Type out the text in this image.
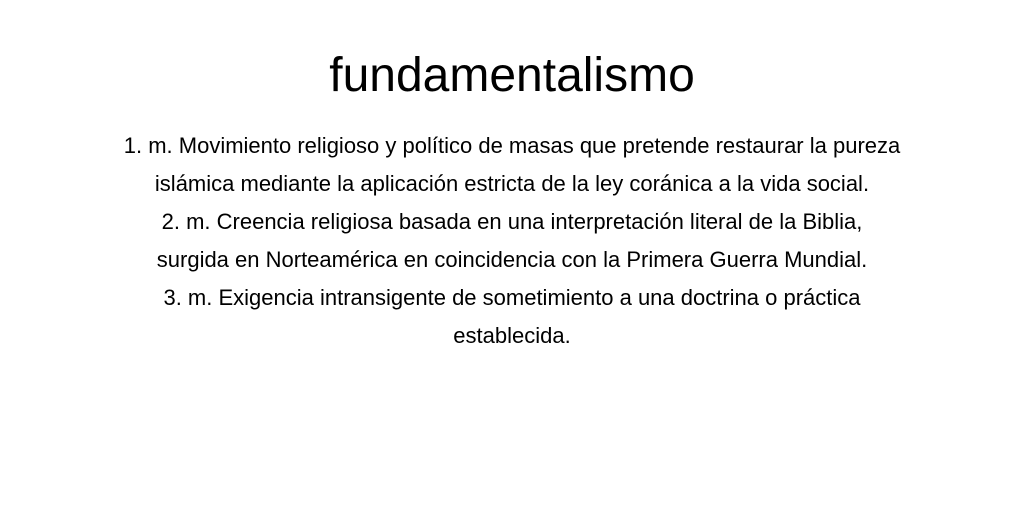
fundamentalismo
1. m. Movimiento religioso y político de masas que pretende restaurar la pureza
islámica mediante la aplicación estricta de la ley coránica a la vida social.
2. m. Creencia religiosa basada en una interpretación literal de la Biblia,
surgida en Norteamérica en coincidencia con la Primera Guerra Mundial.
3. m. Exigencia intransigente de sometimiento a una doctrina o práctica
establecida.
